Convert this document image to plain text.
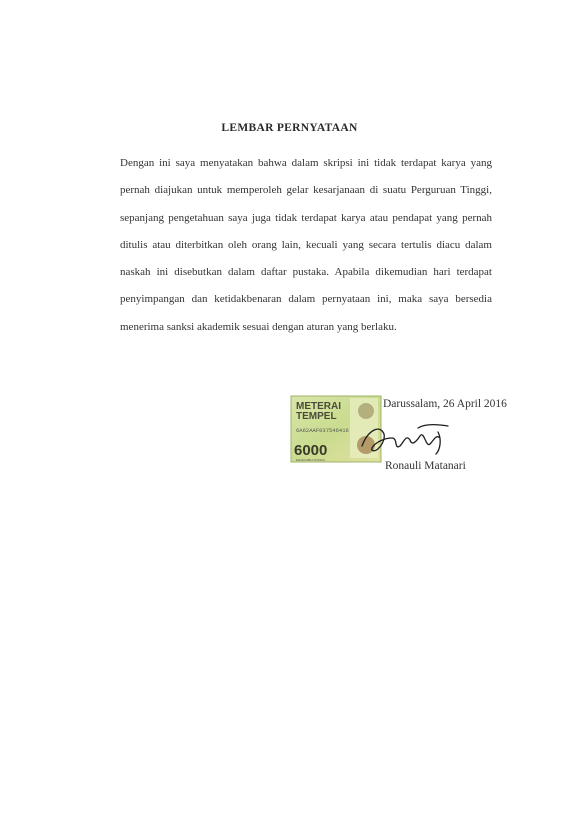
LEMBAR PERNYATAAN
Dengan ini saya menyatakan bahwa dalam skripsi ini tidak terdapat karya yang
pernah diajukan untuk memperoleh gelar kesarjanaan di suatu Perguruan Tinggi,
sepanjang pengetahuan saya juga tidak terdapat karya atau pendapat yang pernah
ditulis atau diterbitkan oleh orang lain, kecuali yang secara tertulis diacu dalam
naskah ini disebutkan dalam daftar pustaka. Apabila dikemudian hari terdapat
penyimpangan dan ketidakbenaran dalam pernyataan ini, maka saya bersedia
menerima sanksi akademik sesuai dengan aturan yang berlaku.
METERAI
TEMPEL
6A62AAF037546416
6000
ENAM RIBU RUPIAH
Darussalam, 26 April 2016
Ronauli Matanari
